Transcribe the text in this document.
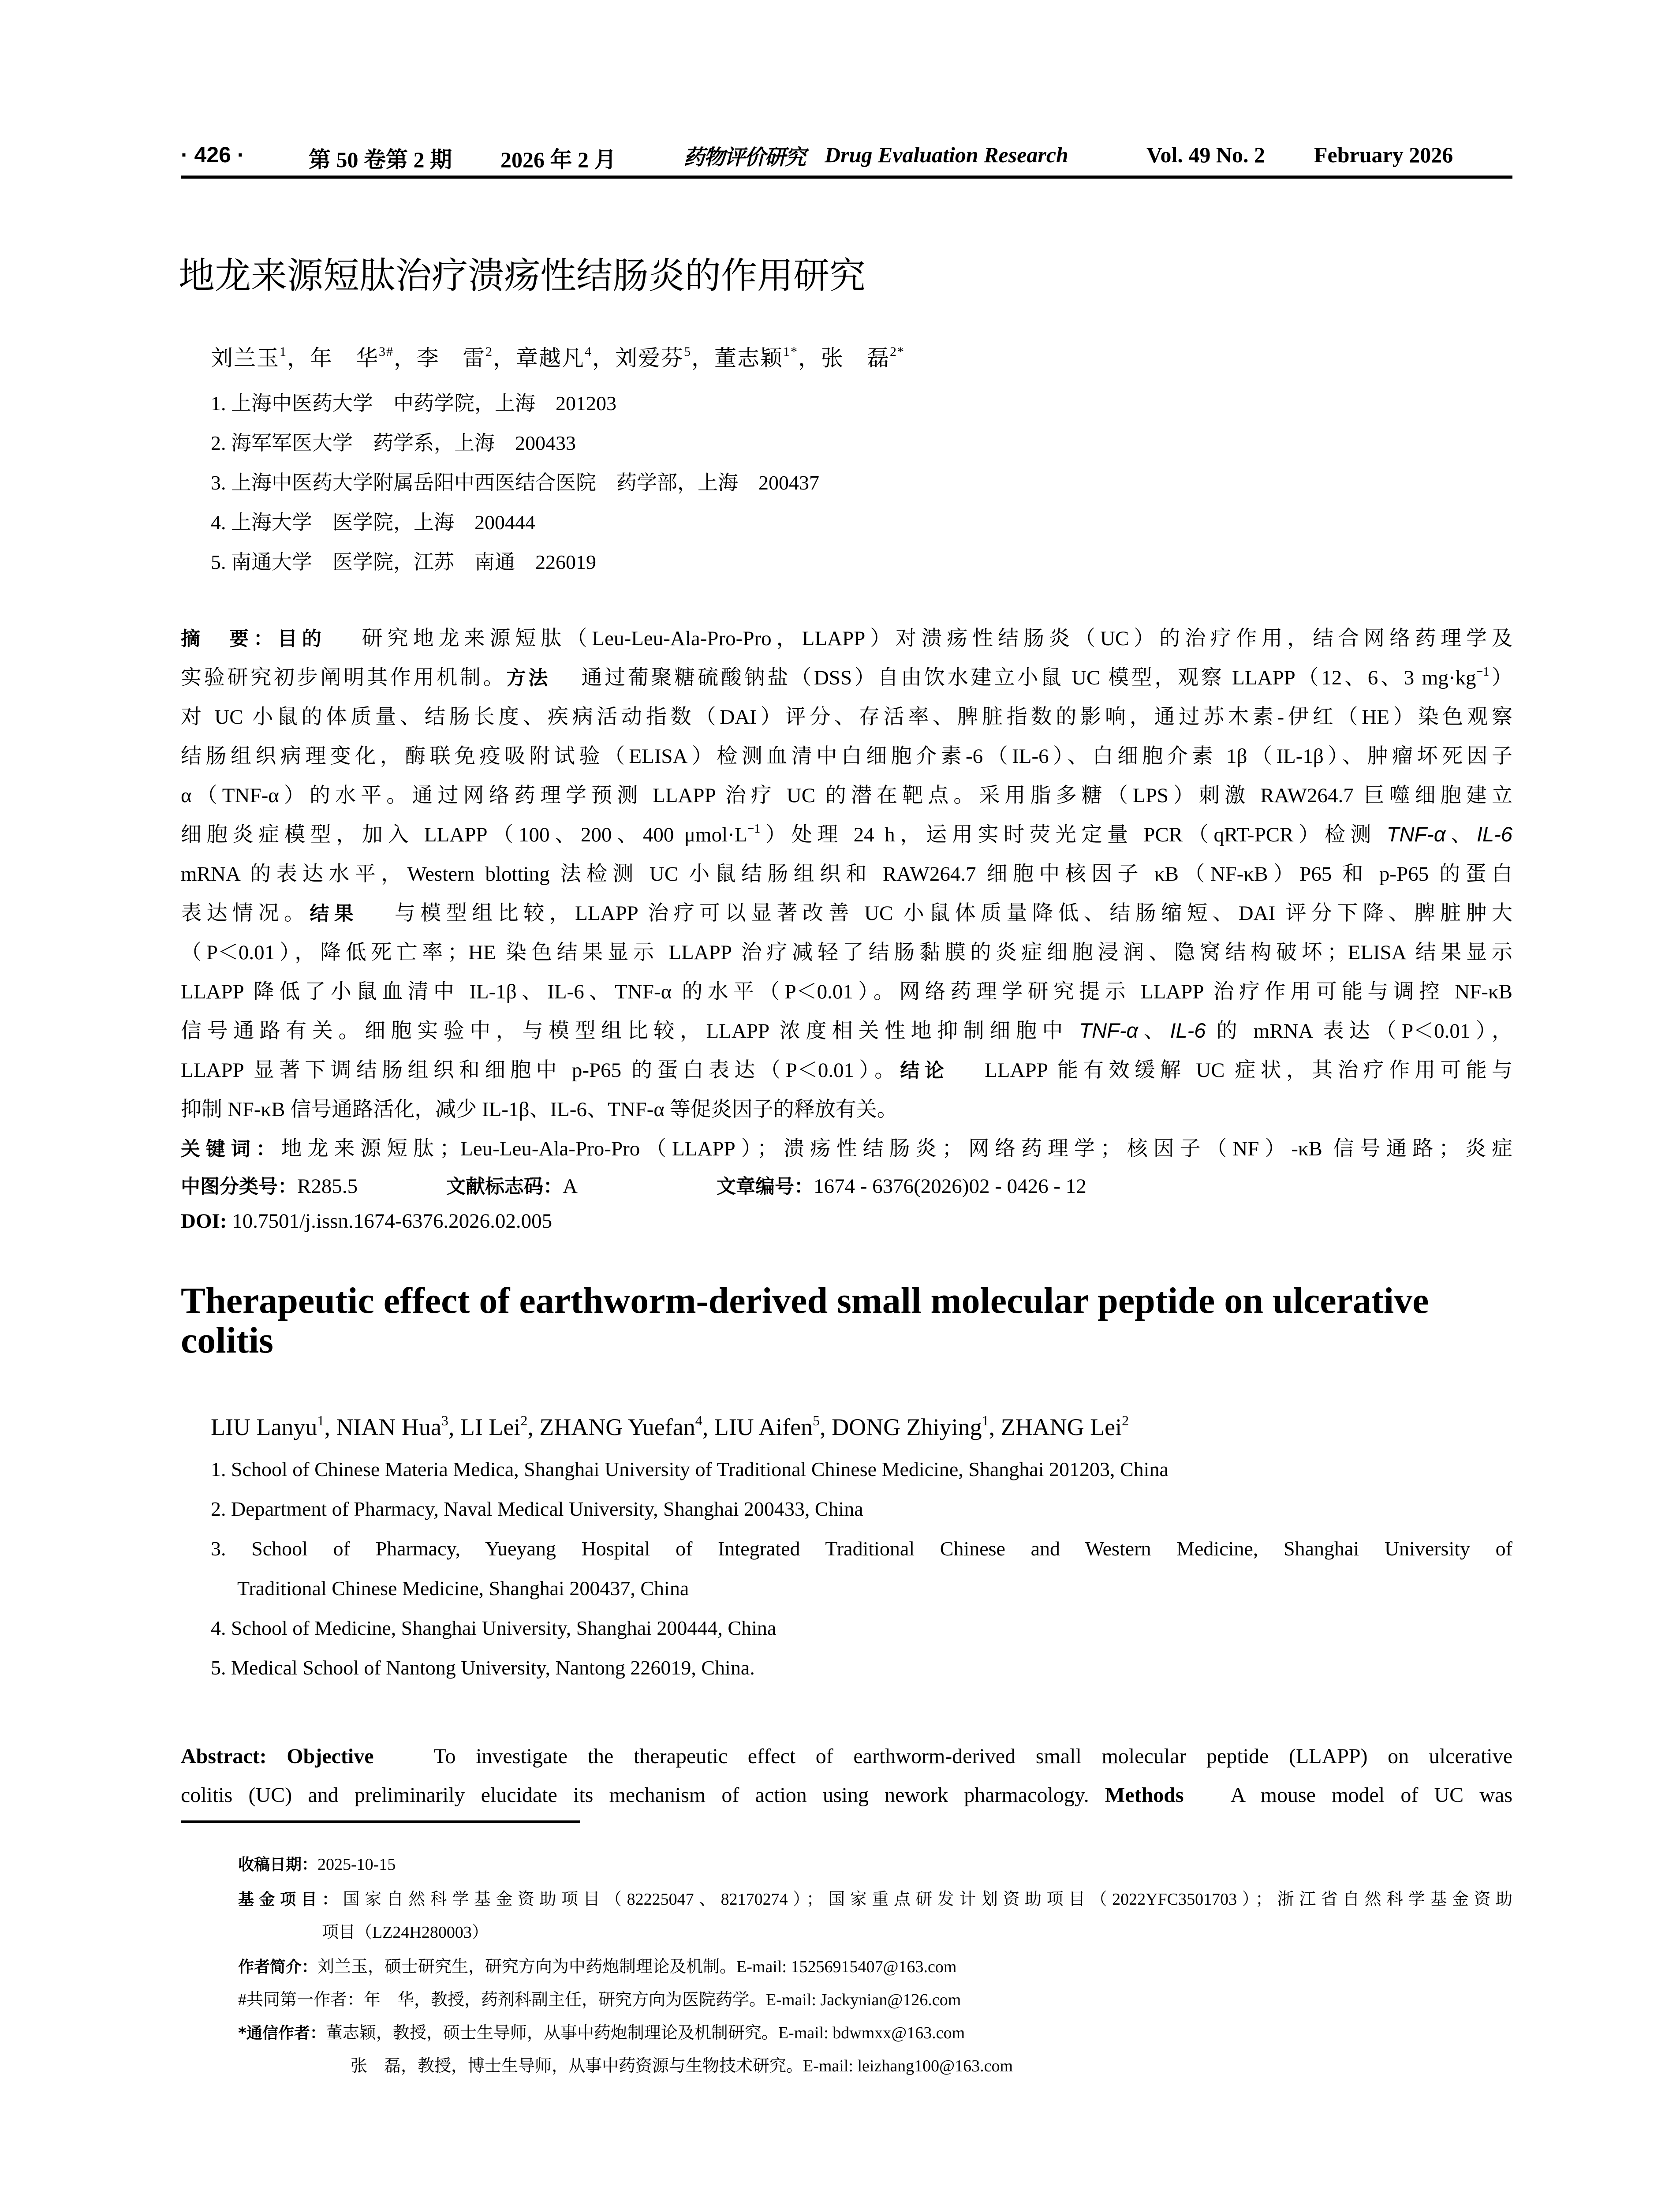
· 426 ·	第 50 卷第 2 期 2026 年 2 月	药物评价研究 Drug Evaluation Research	Vol. 49 No. 2 February 2026
地龙来源短肽治疗溃疡性结肠炎的作用研究
刘兰玉$^1$，年　华$^{3\#}$，李　雷$^2$，章越凡$^4$，刘爱芬$^5$，董志颖$^{1*}$，张　磊$^{2*}$
1. 上海中医药大学　中药学院，上海　201203
2. 海军军医大学　药学系，上海　200433
3. 上海中医药大学附属岳阳中西医结合医院　药学部，上海　200437
4. 上海大学　医学院，上海　200444
5. 南通大学　医学院，江苏　南通　226019
摘　要：目的　 研究地龙来源短肽（Leu-Leu-Ala-Pro-Pro，LLAPP）对溃疡性结肠炎（UC）的治疗作用，结合网络药理学及
实验研究初步阐明其作用机制。方法　 通过葡聚糖硫酸钠盐（DSS）自由饮水建立小鼠 UC 模型，观察 LLAPP（12、6、3 $mg\cdot kg^{-1}$）
对 UC 小鼠的体质量、结肠长度、疾病活动指数（DAI）评分、存活率、脾脏指数的影响，通过苏木素-伊红（HE）染色观察
结肠组织病理变化，酶联免疫吸附试验（ELISA）检测血清中白细胞介素-6（IL-6）、白细胞介素 1β（IL-1β）、肿瘤坏死因子
α（TNF-α）的水平。通过网络药理学预测 LLAPP 治疗 UC 的潜在靶点。采用脂多糖（LPS）刺激 RAW264.7 巨噬细胞建立
细胞炎症模型，加入 LLAPP（100、200、400 $\mu mol\cdot L^{-1}$）处理 24 h，运用实时荧光定量 PCR（qRT-PCR）检测 TNF-α、IL-6
mRNA 的表达水平，Western blotting 法检测 UC 小鼠结肠组织和 RAW264.7 细胞中核因子 κB（NF-κB）P65 和 p-P65 的蛋白
表达情况。结果　 与模型组比较，LLAPP 治疗可以显著改善 UC 小鼠体质量降低、结肠缩短、DAI 评分下降、脾脏肿大
（P＜0.01），降低死亡率；HE 染色结果显示 LLAPP 治疗减轻了结肠黏膜的炎症细胞浸润、隐窝结构破坏；ELISA 结果显示
LLAPP 降低了小鼠血清中 IL-1β、IL-6、TNF-α 的水平（P＜0.01）。网络药理学研究提示 LLAPP 治疗作用可能与调控 NF-κB
信号通路有关。细胞实验中，与模型组比较，LLAPP 浓度相关性地抑制细胞中 TNF-α、IL-6 的 mRNA 表达（P＜0.01），
LLAPP 显著下调结肠组织和细胞中 p-P65 的蛋白表达（P＜0.01）。结论　 LLAPP 能有效缓解 UC 症状，其治疗作用可能与
抑制 NF-κB 信号通路活化，减少 IL-1β、IL-6、TNF-α 等促炎因子的释放有关。
关键词：地龙来源短肽；Leu-Leu-Ala-Pro-Pro（LLAPP）；溃疡性结肠炎；网络药理学；核因子（NF）-κB 信号通路；炎症
中图分类号：R285.5	文献标志码：A	文章编号：1674 - 6376(2026)02 - 0426 - 12
DOI: 10.7501/j.issn.1674-6376.2026.02.005
Therapeutic effect of earthworm-derived small molecular peptide on ulcerative colitis
LIU Lanyu$^1$, NIAN Hua$^3$, LI Lei$^2$, ZHANG Yuefan$^4$, LIU Aifen$^5$, DONG Zhiying$^1$, ZHANG Lei$^2$
1. School of Chinese Materia Medica, Shanghai University of Traditional Chinese Medicine, Shanghai 201203, China
2. Department of Pharmacy, Naval Medical University, Shanghai 200433, China
3. School of Pharmacy, Yueyang Hospital of Integrated Traditional Chinese and Western Medicine, Shanghai University of
Traditional Chinese Medicine, Shanghai 200437, China
4. School of Medicine, Shanghai University, Shanghai 200444, China
5. Medical School of Nantong University, Nantong 226019, China.
Abstract: Objective	To investigate the therapeutic effect of earthworm-derived small molecular peptide (LLAPP) on ulcerative
colitis (UC) and preliminarily elucidate its mechanism of action using nework pharmacology. Methods A mouse model of UC was
收稿日期：2025-10-15
基金项目：国家自然科学基金资助项目（82225047、82170274）；国家重点研发计划资助项目（2022YFC3501703）；浙江省自然科学基金资助
项目（LZ24H280003）
作者简介：刘兰玉，硕士研究生，研究方向为中药炮制理论及机制。E-mail: 15256915407@163.com
#共同第一作者：年　华，教授，药剂科副主任，研究方向为医院药学。E-mail: Jackynian@126.com
*通信作者：董志颖，教授，硕士生导师，从事中药炮制理论及机制研究。E-mail: bdwmxx@163.com
张　磊，教授，博士生导师，从事中药资源与生物技术研究。E-mail: leizhang100@163.com
